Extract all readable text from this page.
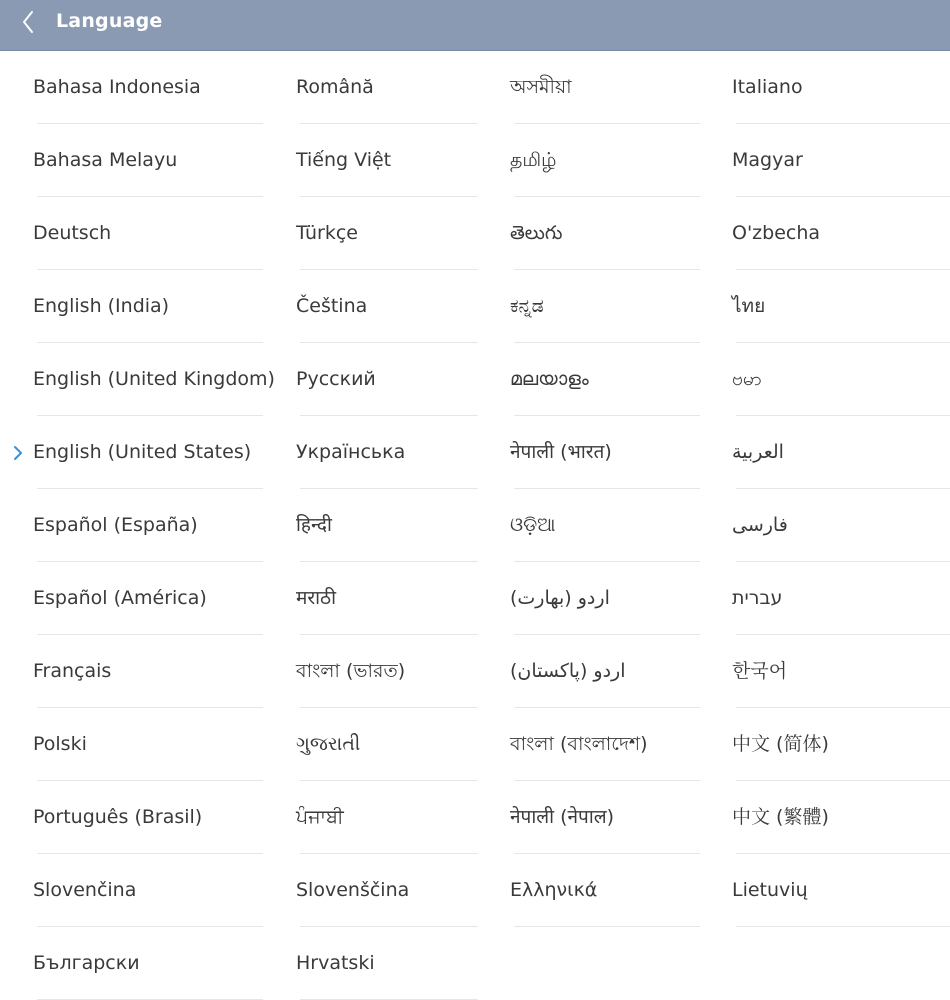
Language
Bahasa Indonesia
Bahasa Melayu
Deutsch
English (India)
English (United Kingdom)
English (United States)
Español (España)
Español (América)
Français
Polski
Português (Brasil)
Slovenčina
Български
Română
Tiếng Việt
Türkçe
Čeština
Русский
Українська
हिन्दी
मराठी
বাংলা (ভারত)
ગુજરાતી
ਪੰਜਾਬੀ
Slovenščina
Hrvatski
অসমীয়া
தமிழ்
తెలుగు
ಕನ್ನಡ
മലയാളം
नेपाली (भारत)
ଓଡ଼ିଆ
اردو (بھارت)
اردو (پاکستان)
বাংলা (বাংলাদেশ)
नेपाली (नेपाल)
Ελληνικά
Italiano
Magyar
O'zbecha
ไทย
ဗမာ
العربية
فارسی
עברית
한국어
中文 (简体)
中文 (繁體)
Lietuvių
